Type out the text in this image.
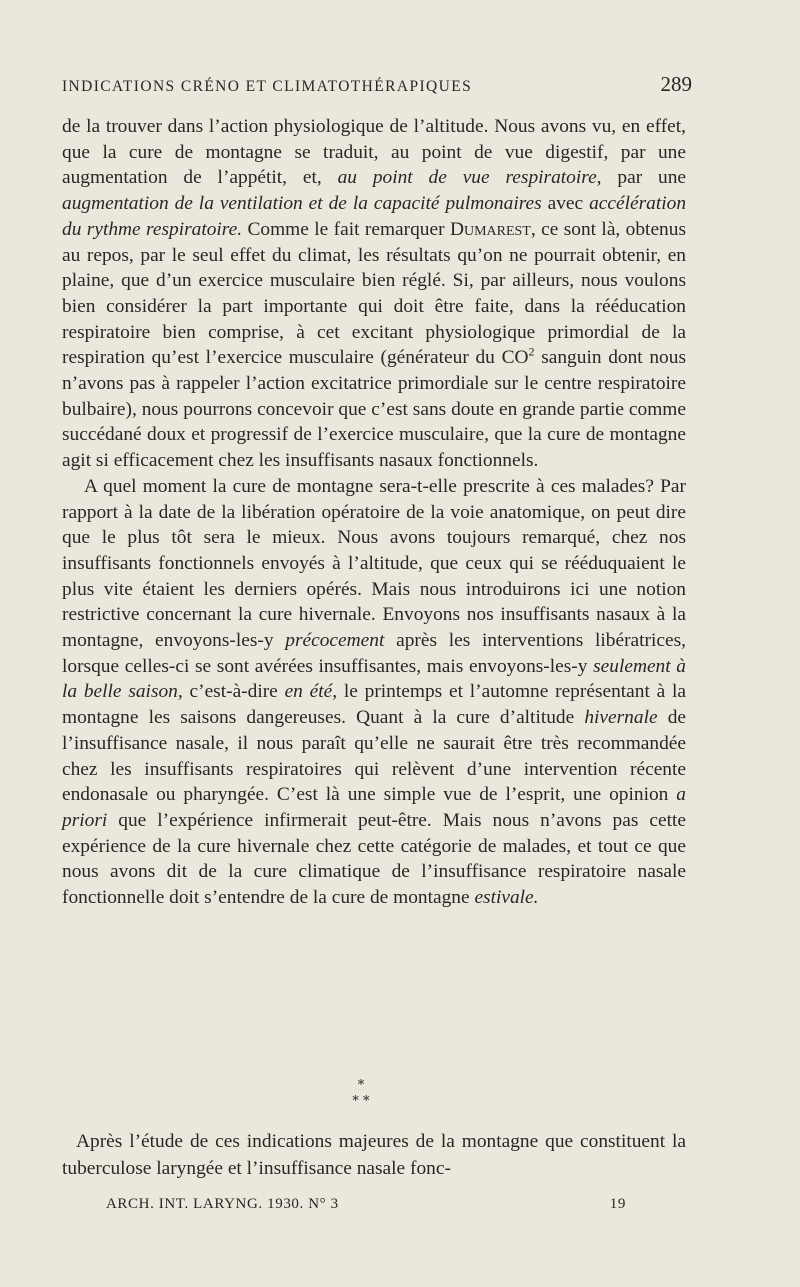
INDICATIONS CRÉNO ET CLIMATOTHÉRAPIQUES	289

de la trouver dans l’action physiologique de l’altitude. Nous avons vu, en effet, que la cure de montagne se traduit, au point de vue digestif, par une augmentation de l’appétit, et, au point de vue respiratoire, par une augmentation de la ventilation et de la capacité pulmonaires avec accélération du rythme respiratoire. Comme le fait remarquer Dumarest, ce sont là, obtenus au repos, par le seul effet du climat, les résultats qu’on ne pourrait obtenir, en plaine, que d’un exercice musculaire bien réglé. Si, par ailleurs, nous voulons bien considérer la part importante qui doit être faite, dans la rééducation respiratoire bien comprise, à cet excitant physiologique primordial de la respiration qu’est l’exercice musculaire (générateur du $CO^2$ sanguin dont nous n’avons pas à rappeler l’action excitatrice primordiale sur le centre respiratoire bulbaire), nous pourrons concevoir que c’est sans doute en grande partie comme succédané doux et progressif de l’exercice musculaire, que la cure de montagne agit si efficacement chez les insuffisants nasaux fonctionnels.

A quel moment la cure de montagne sera-t-elle prescrite à ces malades? Par rapport à la date de la libération opératoire de la voie anatomique, on peut dire que le plus tôt sera le mieux. Nous avons toujours remarqué, chez nos insuffisants fonctionnels envoyés à l’altitude, que ceux qui se rééduquaient le plus vite étaient les derniers opérés. Mais nous introduirons ici une notion restrictive concernant la cure hivernale. Envoyons nos insuffisants nasaux à la montagne, envoyons-les-y précocement après les interventions libératrices, lorsque celles-ci se sont avérées insuffisantes, mais envoyons-les-y seulement à la belle saison, c’est-à-dire en été, le printemps et l’automne représentant à la montagne les saisons dangereuses. Quant à la cure d’altitude hivernale de l’insuffisance nasale, il nous paraît qu’elle ne saurait être très recommandée chez les insuffisants respiratoires qui relèvent d’une intervention récente endonasale ou pharyngée. C’est là une simple vue de l’esprit, une opinion a priori que l’expérience infirmerait peut-être. Mais nous n’avons pas cette expérience de la cure hivernale chez cette catégorie de malades, et tout ce que nous avons dit de la cure climatique de l’insuffisance respiratoire nasale fonctionnelle doit s’entendre de la cure de montagne estivale.

*
* *

Après l’étude de ces indications majeures de la montagne que constituent la tuberculose laryngée et l’insuffisance nasale fonc-

ARCH. INT. LARYNG. 1930. N° 3	19
